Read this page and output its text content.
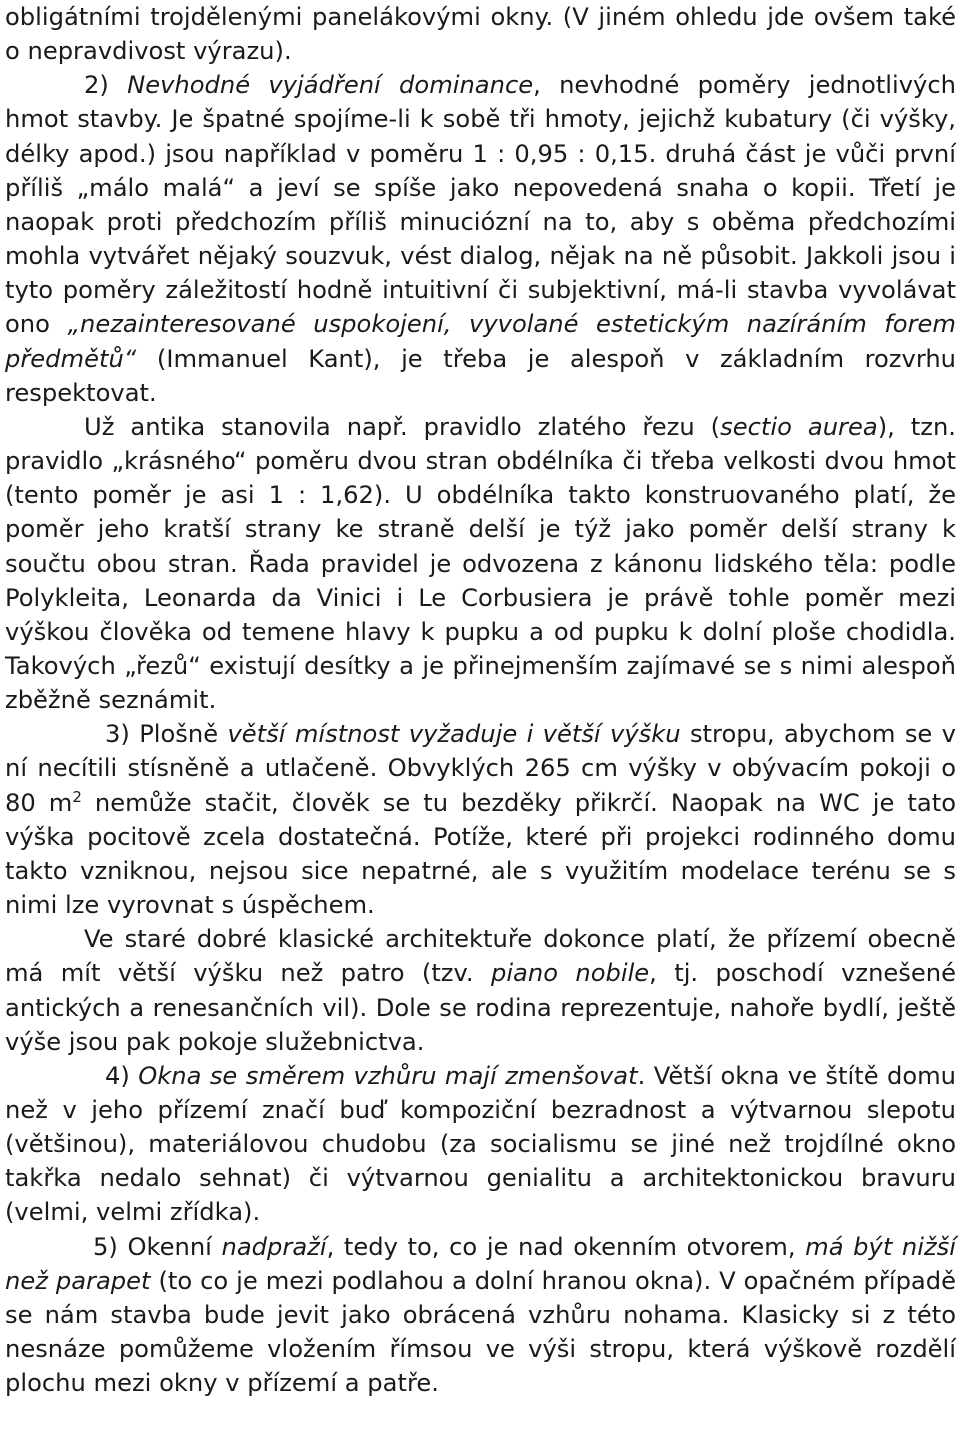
obligátními trojdělenými panelákovými okny. (V jiném ohledu jde ovšem také o nepravdivost výrazu).

2) Nevhodné vyjádření dominance, nevhodné poměry jednotlivých hmot stavby. Je špatné spojíme-li k sobě tři hmoty, jejichž kubatury (či výšky, délky apod.) jsou například v poměru 1 : 0,95 : 0,15. druhá část je vůči první příliš „málo malá“ a jeví se spíše jako nepovedená snaha o kopii. Třetí je naopak proti předchozím příliš minuciózní na to, aby s oběma předchozími mohla vytvářet nějaký souzvuk, vést dialog, nějak na ně působit. Jakkoli jsou i tyto poměry záležitostí hodně intuitivní či subjektivní, má-li stavba vyvolávat ono „nezainteresované uspokojení, vyvolané estetickým nazíráním forem předmětů“ (Immanuel Kant), je třeba je alespoň v základním rozvrhu respektovat.

Už antika stanovila např. pravidlo zlatého řezu (sectio aurea), tzn. pravidlo „krásného“ poměru dvou stran obdélníka či třeba velkosti dvou hmot (tento poměr je asi 1 : 1,62). U obdélníka takto konstruovaného platí, že poměr jeho kratší strany ke straně delší je týž jako poměr delší strany k součtu obou stran. Řada pravidel je odvozena z kánonu lidského těla: podle Polykleita, Leonarda da Vinici i Le Corbusiera je právě tohle poměr mezi výškou člověka od temene hlavy k pupku a od pupku k dolní ploše chodidla. Takových „řezů“ existují desítky a je přinejmenším zajímavé se s nimi alespoň zběžně seznámit.

3) Plošně větší místnost vyžaduje i větší výšku stropu, abychom se v ní necítili stísněně a utlačeně. Obvyklých 265 cm výšky v obývacím pokoji o 80 $m^2$ nemůže stačit, člověk se tu bezděky přikrčí. Naopak na WC je tato výška pocitově zcela dostatečná. Potíže, které při projekci rodinného domu takto vzniknou, nejsou sice nepatrné, ale s využitím modelace terénu se s nimi lze vyrovnat s úspěchem.

Ve staré dobré klasické architektuře dokonce platí, že přízemí obecně má mít větší výšku než patro (tzv. piano nobile, tj. poschodí vznešené antických a renesančních vil). Dole se rodina reprezentuje, nahoře bydlí, ještě výše jsou pak pokoje služebnictva.

4) Okna se směrem vzhůru mají zmenšovat. Větší okna ve štítě domu než v jeho přízemí značí buď kompoziční bezradnost a výtvarnou slepotu (většinou), materiálovou chudobu (za socialismu se jiné než trojdílné okno takřka nedalo sehnat) či výtvarnou genialitu a architektonickou bravuru (velmi, velmi zřídka).

5) Okenní nadpraží, tedy to, co je nad okenním otvorem, má být nižší než parapet (to co je mezi podlahou a dolní hranou okna). V opačném případě se nám stavba bude jevit jako obrácená vzhůru nohama. Klasicky si z této nesnáze pomůžeme vložením římsou ve výši stropu, která výškově rozdělí plochu mezi okny v přízemí a patře.
